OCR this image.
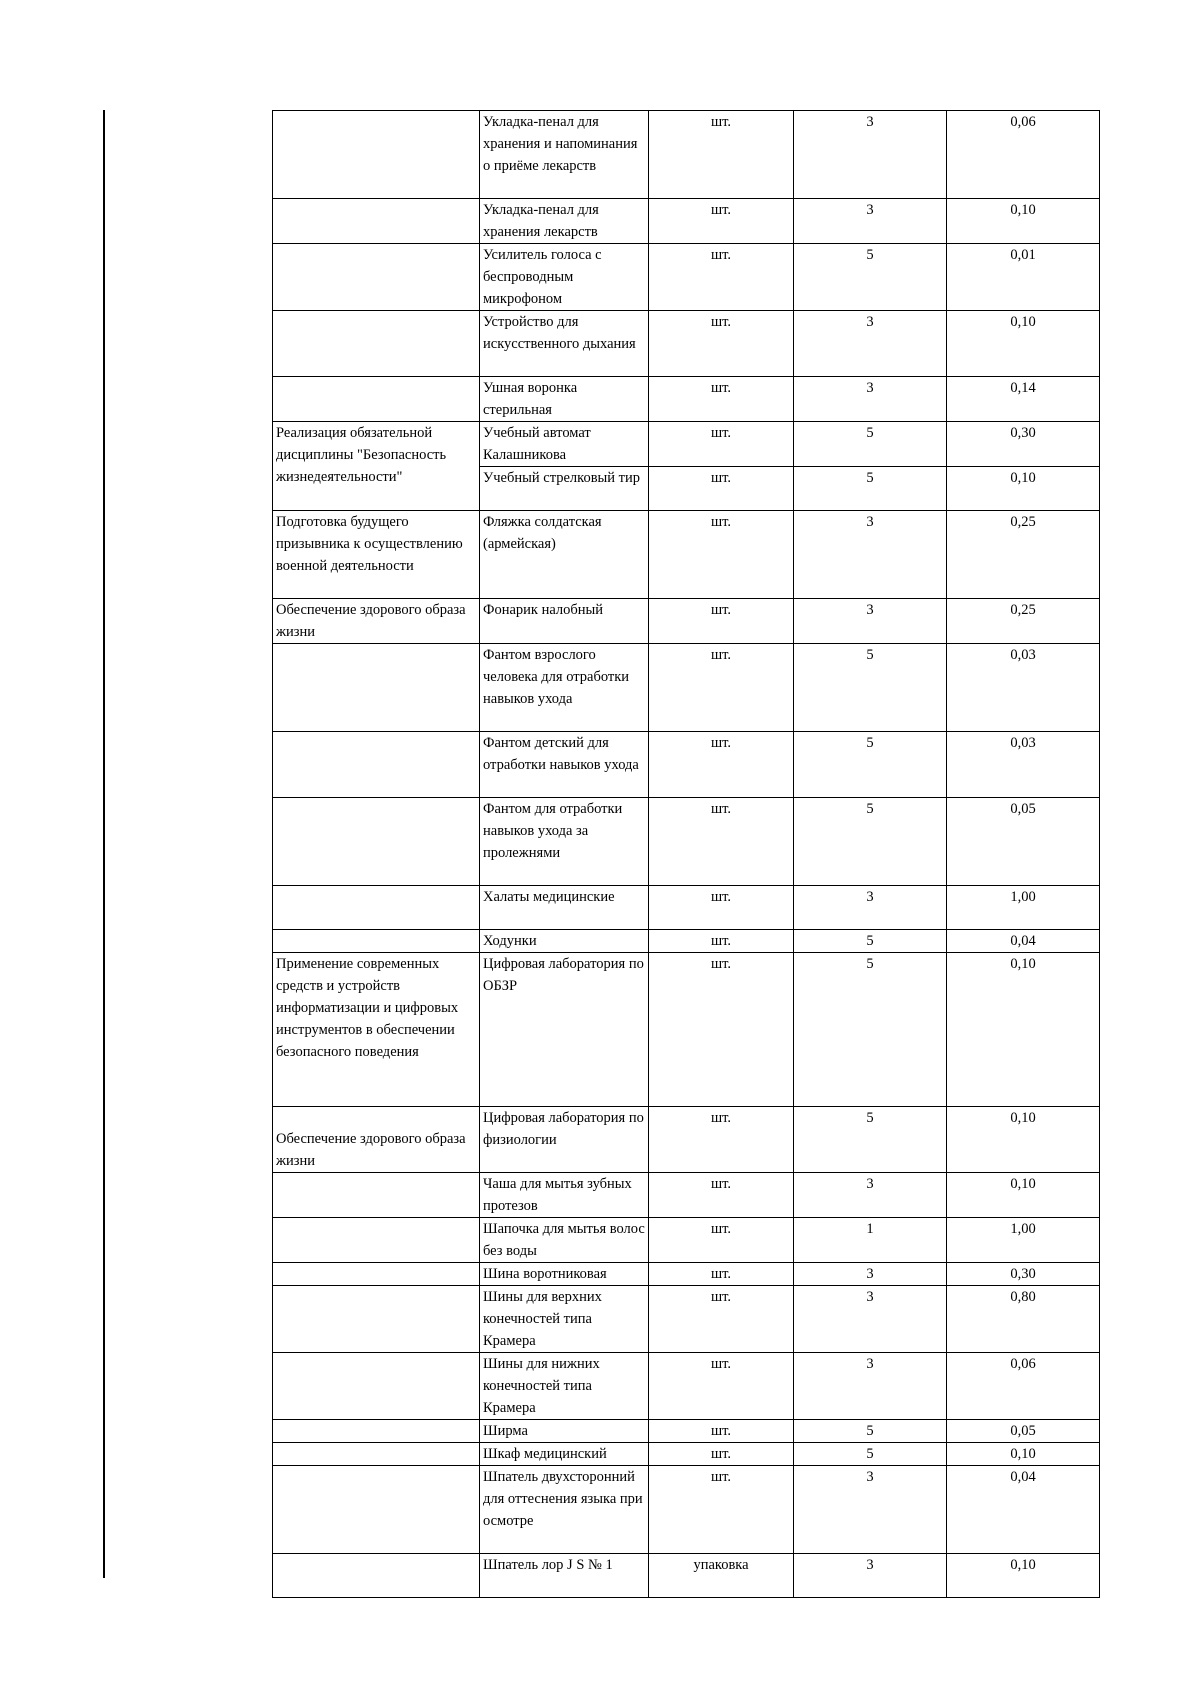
	Укладка-пенал для хранения и напоминания о приёме лекарств	шт.	3	0,06
	Укладка-пенал для хранения лекарств	шт.	3	0,10
	Усилитель голоса с беспроводным микрофоном	шт.	5	0,01
	Устройство для искусственного дыхания	шт.	3	0,10
	Ушная воронка стерильная	шт.	3	0,14
Реализация обязательной дисциплины "Безопасность жизнедеятельности"	Учебный автомат Калашникова	шт.	5	0,30
	Учебный стрелковый тир	шт.	5	0,10
Подготовка будущего призывника к осуществлению военной деятельности	Фляжка солдатская (армейская)	шт.	3	0,25
Обеспечение здорового образа жизни	Фонарик налобный	шт.	3	0,25
	Фантом взрослого человека для отработки навыков ухода	шт.	5	0,03
	Фантом детский для отработки навыков ухода	шт.	5	0,03
	Фантом для отработки навыков ухода за пролежнями	шт.	5	0,05
	Халаты медицинские	шт.	3	1,00
	Ходунки	шт.	5	0,04
Применение современных средств и устройств информатизации и цифровых инструментов в обеспечении безопасного поведения	Цифровая лаборатория по ОБЗР	шт.	5	0,10
Обеспечение здорового образа жизни	Цифровая лаборатория по физиологии	шт.	5	0,10
	Чаша для мытья зубных протезов	шт.	3	0,10
	Шапочка для мытья волос без воды	шт.	1	1,00
	Шина воротниковая	шт.	3	0,30
	Шины для верхних конечностей типа Крамера	шт.	3	0,80
	Шины для нижних конечностей типа Крамера	шт.	3	0,06
	Ширма	шт.	5	0,05
	Шкаф медицинский	шт.	5	0,10
	Шпатель двухсторонний для оттеснения языка при осмотре	шт.	3	0,04
	Шпатель лор J S № 1	упаковка	3	0,10
